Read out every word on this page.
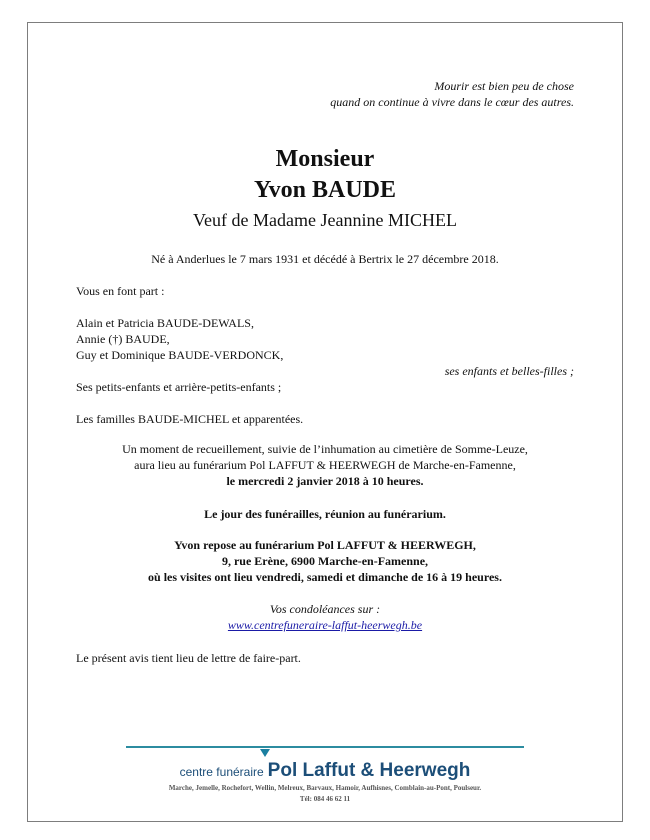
Mourir est bien peu de chose
quand on continue à vivre dans le cœur des autres.
Monsieur
Yvon BAUDE
Veuf de Madame Jeannine MICHEL
Né à Anderlues le 7 mars 1931 et décédé à Bertrix le 27 décembre 2018.
Vous en font part :
Alain et Patricia BAUDE-DEWALS,
Annie (†) BAUDE,
Guy et Dominique BAUDE-VERDONCK,
ses enfants et belles-filles ;
Ses petits-enfants et arrière-petits-enfants ;
Les familles BAUDE-MICHEL et apparentées.
Un moment de recueillement, suivie de l’inhumation au cimetière de Somme-Leuze,
aura lieu au funérarium Pol LAFFUT & HEERWEGH de Marche-en-Famenne,
le mercredi 2 janvier 2018 à 10 heures.
Le jour des funérailles, réunion au funérarium.
Yvon repose au funérarium Pol LAFFUT & HEERWEGH,
9, rue Erène, 6900 Marche-en-Famenne,
où les visites ont lieu vendredi, samedi et dimanche de 16 à 19 heures.
Vos condoléances sur :
www.centrefuneraire-laffut-heerwegh.be
Le présent avis tient lieu de lettre de faire-part.
centre funéraire Pol Laffut & Heerwegh
Marche, Jemelle, Rochefort, Wellin, Melreux, Barvaux, Hamoir, Aufhisnes, Comblain-au-Pont, Poulseur.
Tél: 084 46 62 11
